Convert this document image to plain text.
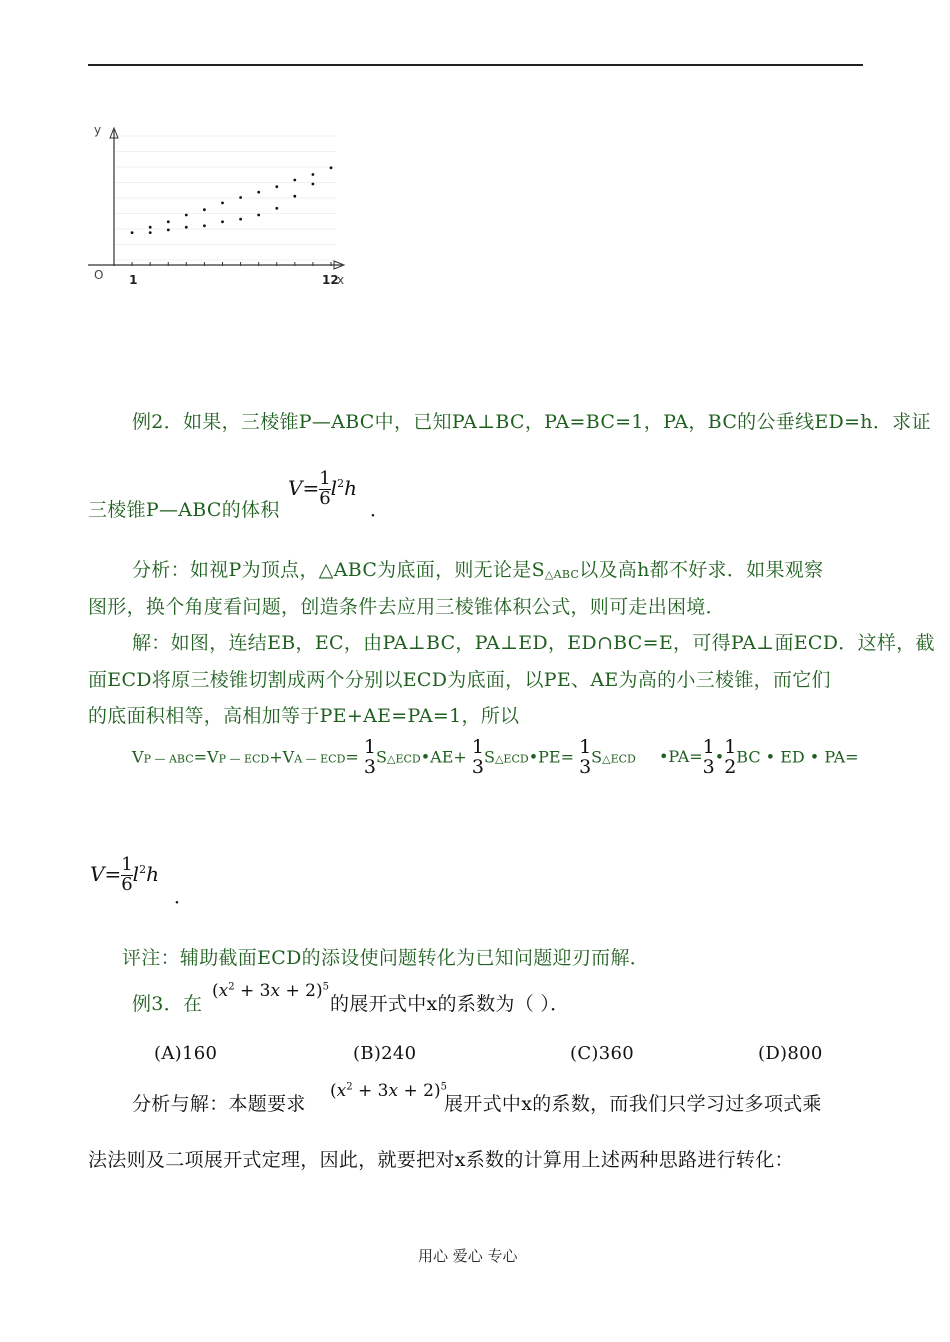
y
x
O 1	12
例2．如果，三棱锥P—ABC中，已知PA⊥BC，PA=BC=1，PA，BC的公垂线ED=h．求证
$V= \frac{1}{6} l^2h$
三棱锥P—ABC的体积	．
分析：如视P为顶点，△ABC为底面，则无论是S△ABC以及高h都不好求．如果观察
图形，换个角度看问题，创造条件去应用三棱锥体积公式，则可走出困境．
解：如图，连结EB，EC，由PA⊥BC，PA⊥ED，ED∩BC=E，可得PA⊥面ECD．这样，截
面ECD将原三棱锥切割成两个分别以ECD为底面，以PE、AE为高的小三棱锥，而它们
的底面积相等，高相加等于PE+AE=PA=1，所以
VP — ABC=VP — ECD+VA — ECD= 1
3 S△ECD•AE+ 1
3 S△ECD•PE= 1
3 S△ECD •PA= 1
3 • 1
2 BC • ED • PA=
$V= \frac{1}{6} l^2h$
．
评注：辅助截面ECD的添设使问题转化为已知问题迎刃而解．
例3．在
$(x^2 + 3x + 2)^5$
的展开式中x的系数为（ ）．
(A)160	(B)240	(C)360	(D)800
分析与解：本题要求
$(x^2 + 3x + 2)^5$
展开式中x的系数，而我们只学习过多项式乘
法法则及二项展开式定理，因此，就要把对x系数的计算用上述两种思路进行转化：
用心 爱心 专心
